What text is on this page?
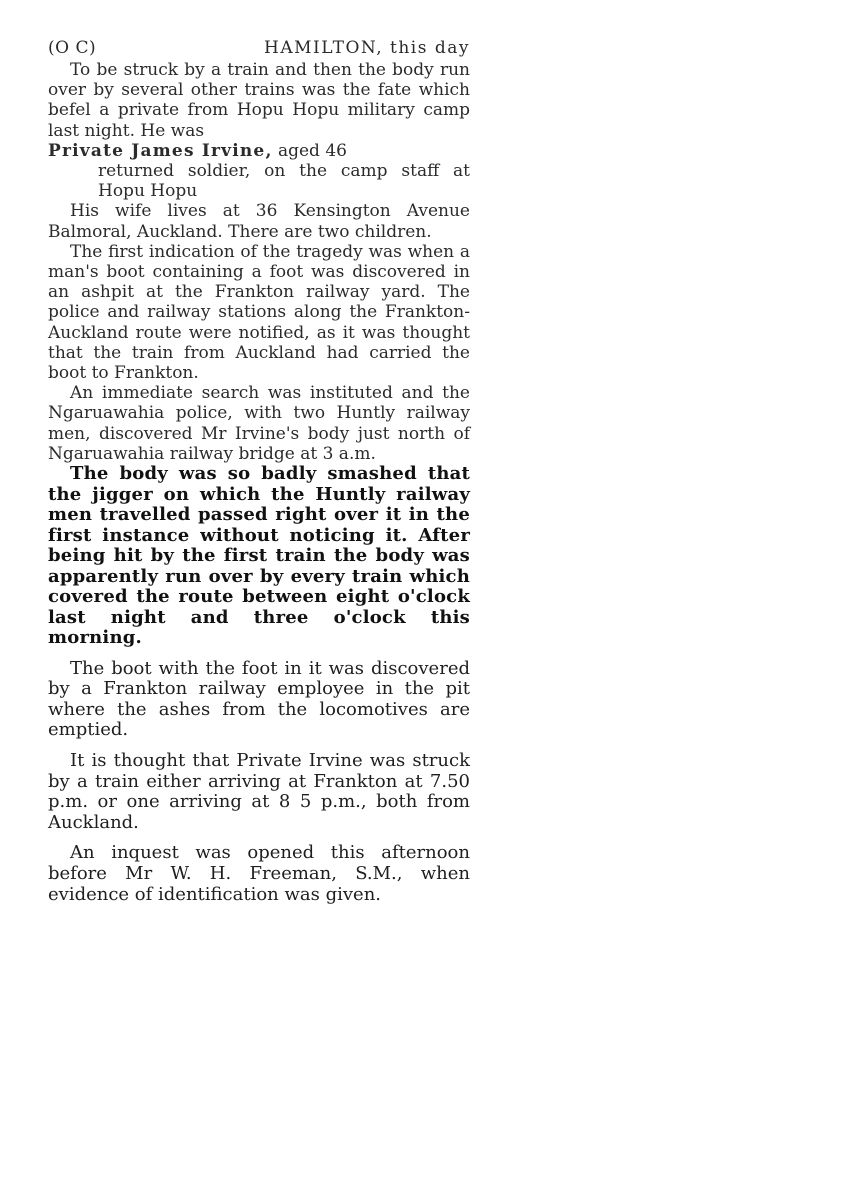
(O C)	HAMILTON, this day

To be struck by a train and then the body run over by several other trains was the fate which befel a private from Hopu Hopu military camp last night. He was

Private James Irvine, aged 46

returned soldier, on the camp staff at Hopu Hopu

His wife lives at 36 Kensington Avenue Balmoral, Auckland. There are two children.

The first indication of the tragedy was when a man's boot containing a foot was discovered in an ashpit at the Frankton railway yard. The police and railway stations along the Frankton-Auckland route were notified, as it was thought that the train from Auckland had carried the boot to Frankton.

An immediate search was instituted and the Ngaruawahia police, with two Huntly railway men, discovered Mr Irvine's body just north of Ngaruawahia railway bridge at 3 a.m.

The body was so badly smashed that the jigger on which the Huntly railway men travelled passed right over it in the first instance without noticing it. After being hit by the first train the body was apparently run over by every train which covered the route between eight o'clock last night and three o'clock this morning.

The boot with the foot in it was discovered by a Frankton railway employee in the pit where the ashes from the locomotives are emptied.

It is thought that Private Irvine was struck by a train either arriving at Frankton at 7.50 p.m. or one arriving at 8 5 p.m., both from Auckland.

An inquest was opened this afternoon before Mr W. H. Freeman, S.M., when evidence of identification was given.
